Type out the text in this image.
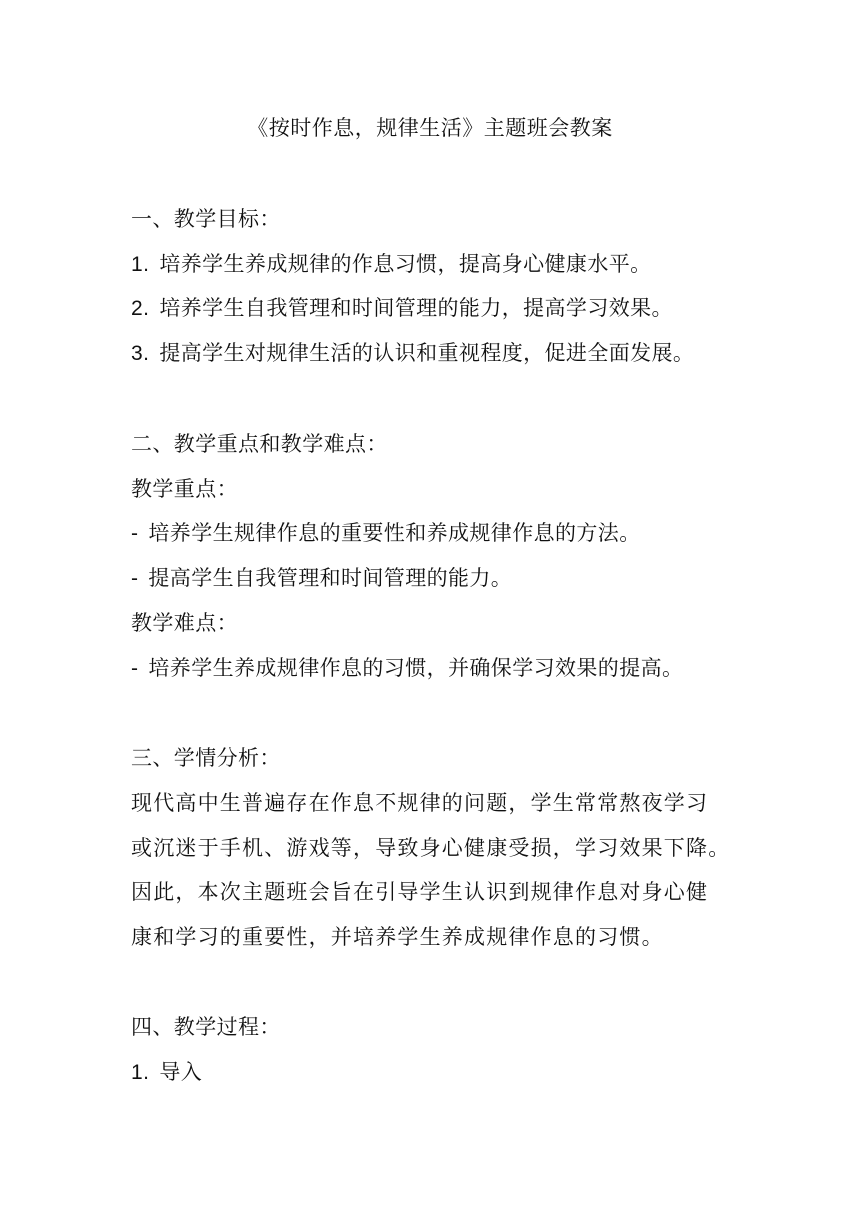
《按时作息，规律生活》主题班会教案
一、教学目标：
1. 培养学生养成规律的作息习惯，提高身心健康水平。
2. 培养学生自我管理和时间管理的能力，提高学习效果。
3. 提高学生对规律生活的认识和重视程度，促进全面发展。
二、教学重点和教学难点：
教学重点：
- 培养学生规律作息的重要性和养成规律作息的方法。
- 提高学生自我管理和时间管理的能力。
教学难点：
- 培养学生养成规律作息的习惯，并确保学习效果的提高。
三、学情分析：
现代高中生普遍存在作息不规律的问题，学生常常熬夜学习
或沉迷于手机、游戏等，导致身心健康受损，学习效果下降。
因此，本次主题班会旨在引导学生认识到规律作息对身心健
康和学习的重要性，并培养学生养成规律作息的习惯。
四、教学过程：
1. 导入
